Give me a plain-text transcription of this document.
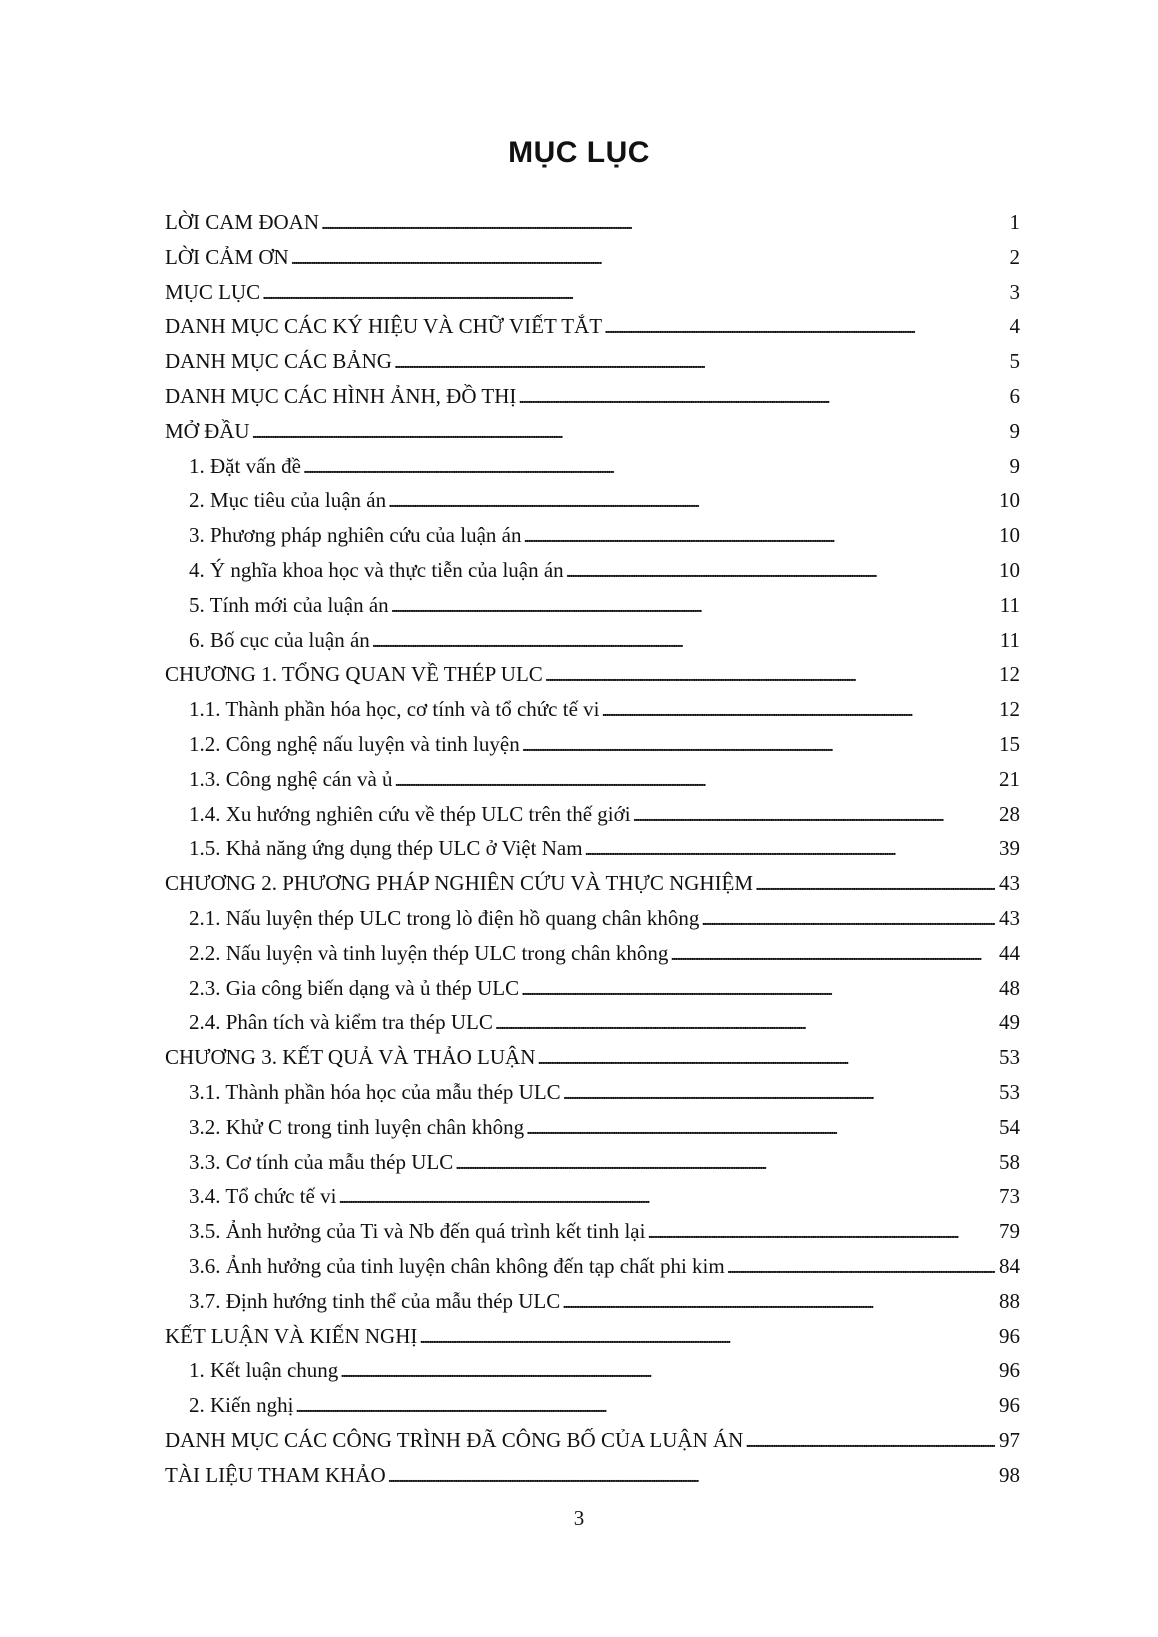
MỤC LỤC
LỜI CAM ĐOAN . . .	1
LỜI CẢM ƠN . . .	2
MỤC LỤC . . .	3
DANH MỤC CÁC KÝ HIỆU VÀ CHỮ VIẾT TẮT . . .	4
DANH MỤC CÁC BẢNG . . .	5
DANH MỤC CÁC HÌNH ẢNH, ĐỒ THỊ . . .	6
MỞ ĐẦU . . .	9
1. Đặt vấn đề . . .	9
2. Mục tiêu của luận án . . .	10
3. Phương pháp nghiên cứu của luận án . . .	10
4. Ý nghĩa khoa học và thực tiễn của luận án . . .	10
5. Tính mới của luận án . . .	11
6. Bố cục của luận án . . .	11
CHƯƠNG 1. TỔNG QUAN VỀ THÉP ULC . . .	12
1.1. Thành phần hóa học, cơ tính và tổ chức tế vi . . .	12
1.2. Công nghệ nấu luyện và tinh luyện . . .	15
1.3. Công nghệ cán và ủ . . .	21
1.4. Xu hướng nghiên cứu về thép ULC trên thế giới . . .	28
1.5. Khả năng ứng dụng thép ULC ở Việt Nam . . .	39
CHƯƠNG 2. PHƯƠNG PHÁP NGHIÊN CỨU VÀ THỰC NGHIỆM . . .	43
2.1. Nấu luyện thép ULC trong lò điện hồ quang chân không . . .	43
2.2. Nấu luyện và tinh luyện thép ULC trong chân không . . .	44
2.3. Gia công biến dạng và ủ thép ULC . . .	48
2.4. Phân tích và kiểm tra thép ULC . . .	49
CHƯƠNG 3. KẾT QUẢ VÀ THẢO LUẬN . . .	53
3.1. Thành phần hóa học của mẫu thép ULC . . .	53
3.2. Khử C trong tinh luyện chân không . . .	54
3.3. Cơ tính của mẫu thép ULC . . .	58
3.4. Tổ chức tế vi . . .	73
3.5. Ảnh hưởng của Ti và Nb đến quá trình kết tinh lại . . .	79
3.6. Ảnh hưởng của tinh luyện chân không đến tạp chất phi kim . . .	84
3.7. Định hướng tinh thể của mẫu thép ULC . . .	88
KẾT LUẬN VÀ KIẾN NGHỊ . . .	96
1. Kết luận chung . . .	96
2. Kiến nghị . . .	96
DANH MỤC CÁC CÔNG TRÌNH ĐÃ CÔNG BỐ CỦA LUẬN ÁN . . .	97
TÀI LIỆU THAM KHẢO . . .	98
3
